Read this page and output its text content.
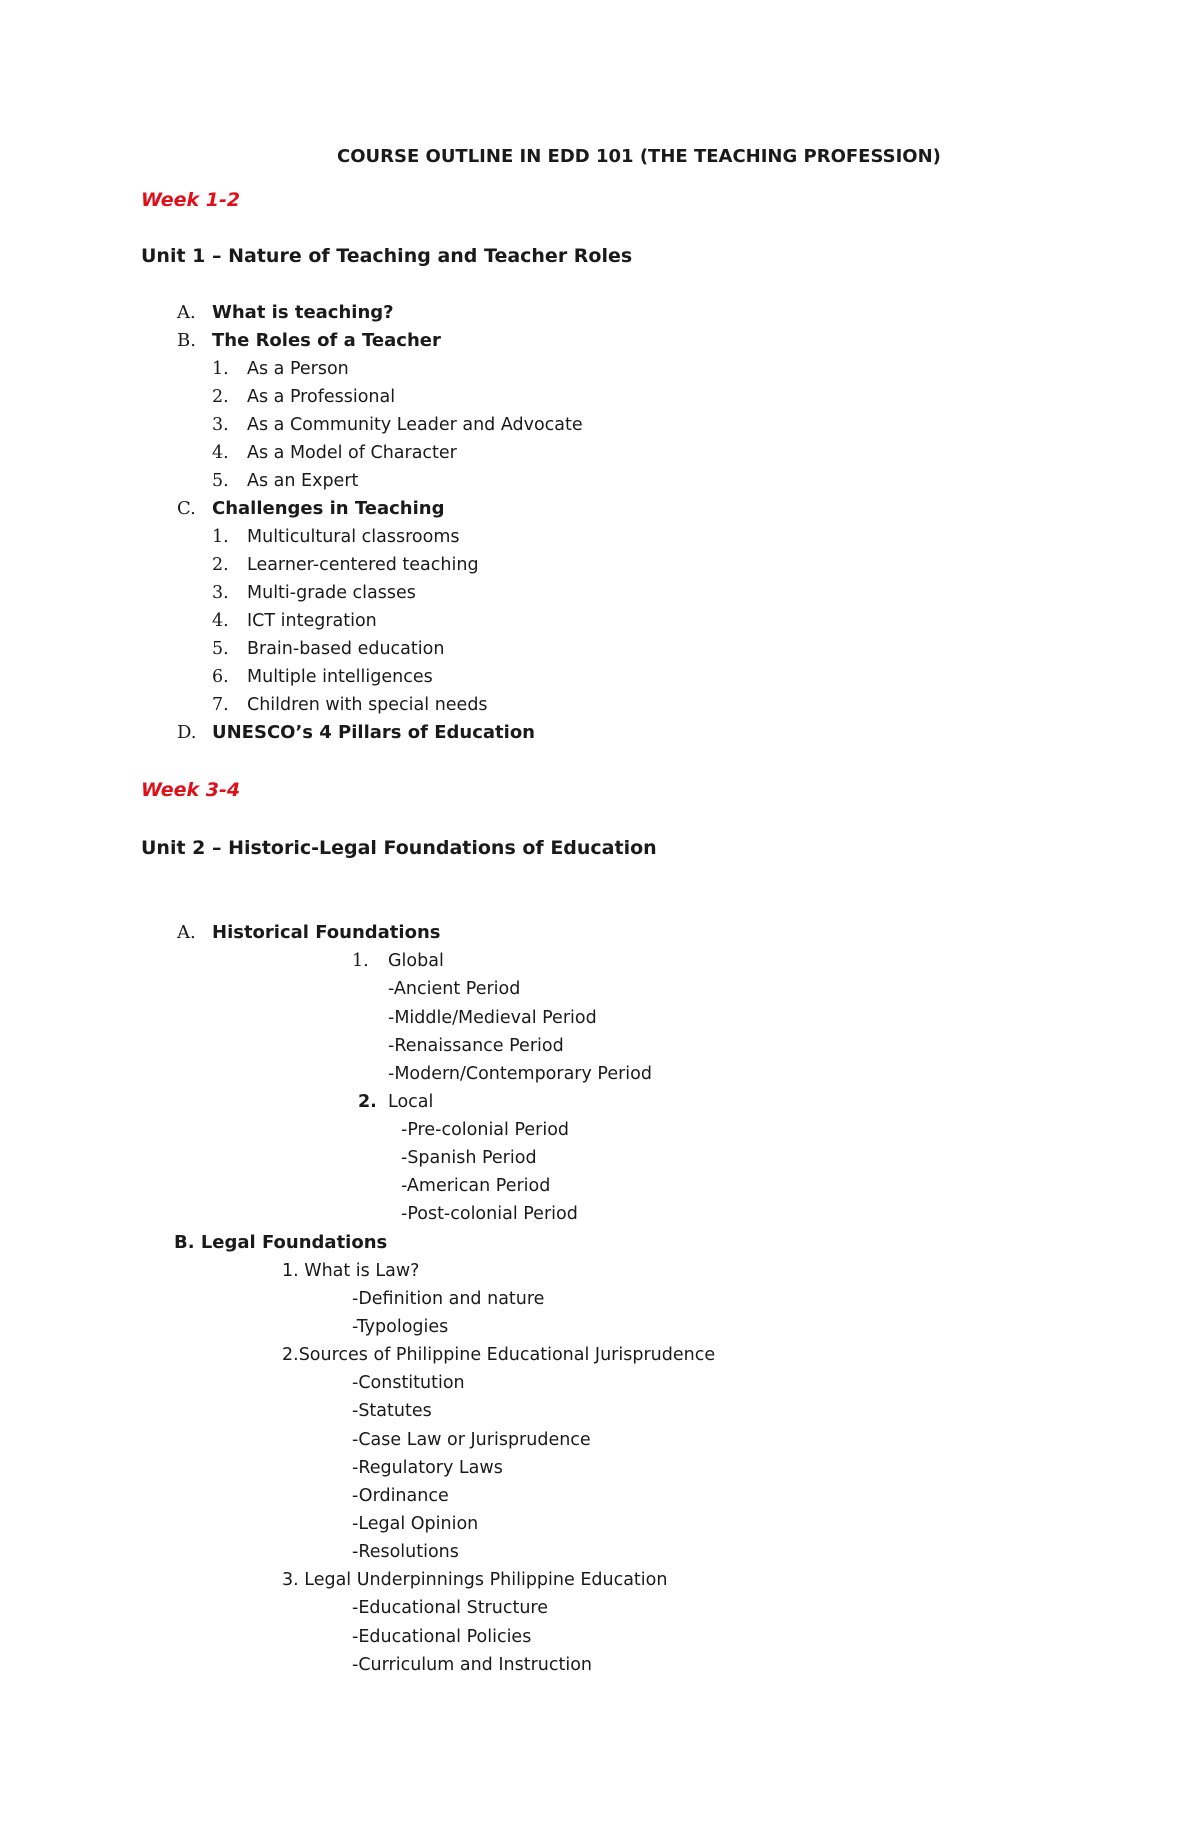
COURSE OUTLINE IN EDD 101 (THE TEACHING PROFESSION)
Week 1-2
Unit 1 – Nature of Teaching and Teacher Roles
A. What is teaching?
B. The Roles of a Teacher
1. As a Person
2. As a Professional
3. As a Community Leader and Advocate
4. As a Model of Character
5. As an Expert
C. Challenges in Teaching
1. Multicultural classrooms
2. Learner-centered teaching
3. Multi-grade classes
4. ICT integration
5. Brain-based education
6. Multiple intelligences
7. Children with special needs
D. UNESCO’s 4 Pillars of Education
Week 3-4
Unit 2 – Historic-Legal Foundations of Education
A. Historical Foundations
1. Global
-Ancient Period
-Middle/Medieval Period
-Renaissance Period
-Modern/Contemporary Period
2. Local
-Pre-colonial Period
-Spanish Period
-American Period
-Post-colonial Period
B. Legal Foundations
1. What is Law?
-Definition and nature
-Typologies
2.Sources of Philippine Educational Jurisprudence
-Constitution
-Statutes
-Case Law or Jurisprudence
-Regulatory Laws
-Ordinance
-Legal Opinion
-Resolutions
3. Legal Underpinnings Philippine Education
-Educational Structure
-Educational Policies
-Curriculum and Instruction
